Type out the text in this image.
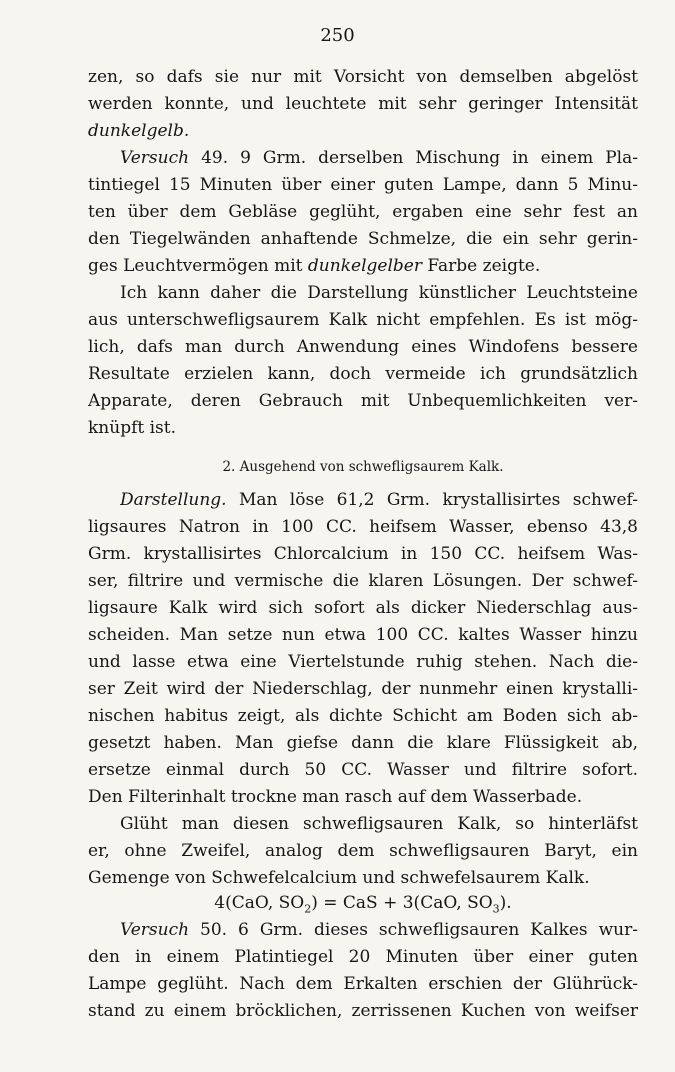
250
zen, so dafs sie nur mit Vorsicht von demselben abgelöst
werden konnte, und leuchtete mit sehr geringer Intensität
dunkelgelb.
Versuch 49. 9 Grm. derselben Mischung in einem Pla-
tintiegel 15 Minuten über einer guten Lampe, dann 5 Minu-
ten über dem Gebläse geglüht, ergaben eine sehr fest an
den Tiegelwänden anhaftende Schmelze, die ein sehr gerin-
ges Leuchtvermögen mit dunkelgelber Farbe zeigte.
Ich kann daher die Darstellung künstlicher Leuchtsteine
aus unterschwefligsaurem Kalk nicht empfehlen. Es ist mög-
lich, dafs man durch Anwendung eines Windofens bessere
Resultate erzielen kann, doch vermeide ich grundsätzlich
Apparate, deren Gebrauch mit Unbequemlichkeiten ver-
knüpft ist.
2. Ausgehend von schwefligsaurem Kalk.
Darstellung. Man löse 61,2 Grm. krystallisirtes schwef-
ligsaures Natron in 100 CC. heifsem Wasser, ebenso 43,8
Grm. krystallisirtes Chlorcalcium in 150 CC. heifsem Was-
ser, filtrire und vermische die klaren Lösungen. Der schwef-
ligsaure Kalk wird sich sofort als dicker Niederschlag aus-
scheiden. Man setze nun etwa 100 CC. kaltes Wasser hinzu
und lasse etwa eine Viertelstunde ruhig stehen. Nach die-
ser Zeit wird der Niederschlag, der nunmehr einen krystalli-
nischen habitus zeigt, als dichte Schicht am Boden sich ab-
gesetzt haben. Man giefse dann die klare Flüssigkeit ab,
ersetze einmal durch 50 CC. Wasser und filtrire sofort.
Den Filterinhalt trockne man rasch auf dem Wasserbade.
Glüht man diesen schwefligsauren Kalk, so hinterläfst
er, ohne Zweifel, analog dem schwefligsauren Baryt, ein
Gemenge von Schwefelcalcium und schwefelsaurem Kalk.
4(CaO, $SO_2$) = CaS + 3(CaO, $SO_3$).
Versuch 50. 6 Grm. dieses schwefligsauren Kalkes wur-
den in einem Platintiegel 20 Minuten über einer guten
Lampe geglüht. Nach dem Erkalten erschien der Glührück-
stand zu einem bröcklichen, zerrissenen Kuchen von weifser
